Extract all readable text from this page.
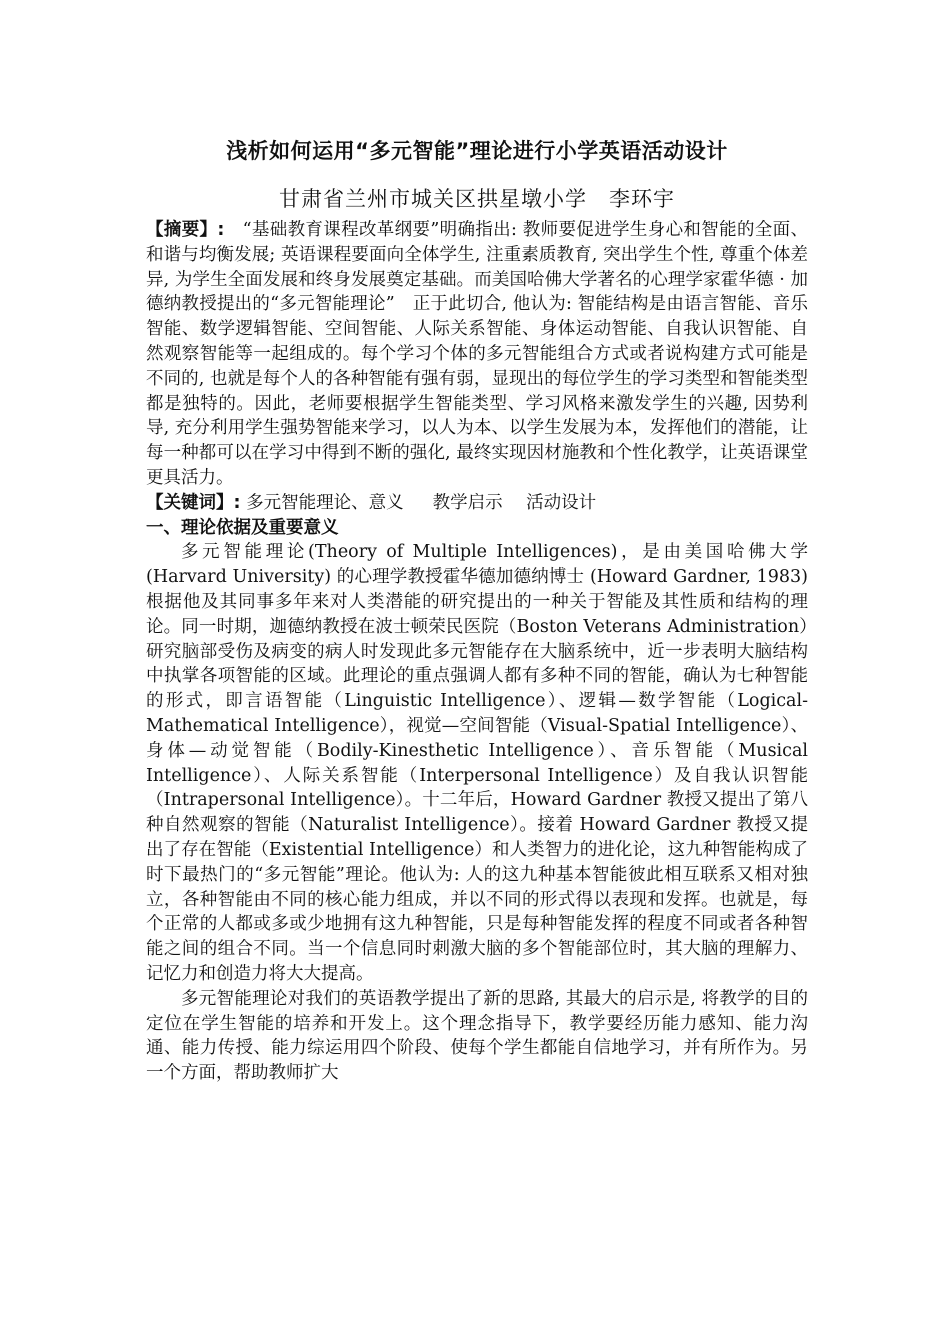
浅析如何运用“多元智能”理论进行小学英语活动设计
甘肃省兰州市城关区拱星墩小学　李环宇

【摘要】:　“基础教育课程改革纲要”明确指出: 教师要促进学生身心和智能的全面、和谐与均衡发展; 英语课程要面向全体学生, 注重素质教育, 突出学生个性, 尊重个体差异, 为学生全面发展和终身发展奠定基础。而美国哈佛大学著名的心理学家霍华德 · 加德纳教授提出的“多元智能理论”　正于此切合, 他认为: 智能结构是由语言智能、音乐智能、数学逻辑智能、空间智能、人际关系智能、身体运动智能、自我认识智能、自然观察智能等一起组成的。每个学习个体的多元智能组合方式或者说构建方式可能是不同的, 也就是每个人的各种智能有强有弱，显现出的每位学生的学习类型和智能类型都是独特的。因此，老师要根据学生智能类型、学习风格来激发学生的兴趣, 因势利导, 充分利用学生强势智能来学习，以人为本、以学生发展为本，发挥他们的潜能，让每一种都可以在学习中得到不断的强化, 最终实现因材施教和个性化教学，让英语课堂更具活力。

【关键词】: 多元智能理论、意义　 教学启示　活动设计

一、理论依据及重要意义

多元智能理论(Theory of Multiple Intelligences)，是由美国哈佛大学 (Harvard University) 的心理学教授霍华德加德纳博士 (Howard Gardner, 1983)根据他及其同事多年来对人类潜能的研究提出的一种关于智能及其性质和结构的理论。同一时期，迦德纳教授在波士顿荣民医院（Boston Veterans Administration）研究脑部受伤及病变的病人时发现此多元智能存在大脑系统中，近一步表明大脑结构中执掌各项智能的区域。此理论的重点强调人都有多种不同的智能，确认为七种智能的形式，即言语智能（Linguistic Intelligence）、逻辑—数学智能（Logical-Mathematical Intelligence），视觉—空间智能（Visual-Spatial Intelligence）、身体—动觉智能（Bodily-Kinesthetic Intelligence）、音乐智能（Musical Intelligence）、人际关系智能（Interpersonal Intelligence）及自我认识智能（Intrapersonal Intelligence）。十二年后，Howard Gardner 教授又提出了第八种自然观察的智能（Naturalist Intelligence）。接着 Howard Gardner 教授又提出了存在智能（Existential Intelligence）和人类智力的进化论，这九种智能构成了时下最热门的“多元智能”理论。他认为: 人的这九种基本智能彼此相互联系又相对独立，各种智能由不同的核心能力组成，并以不同的形式得以表现和发挥。也就是，每个正常的人都或多或少地拥有这九种智能，只是每种智能发挥的程度不同或者各种智能之间的组合不同。当一个信息同时刺激大脑的多个智能部位时，其大脑的理解力、记忆力和创造力将大大提高。

多元智能理论对我们的英语教学提出了新的思路, 其最大的启示是, 将教学的目的定位在学生智能的培养和开发上。这个理念指导下，教学要经历能力感知、能力沟通、能力传授、能力综运用四个阶段、使每个学生都能自信地学习，并有所作为。另一个方面，帮助教师扩大
